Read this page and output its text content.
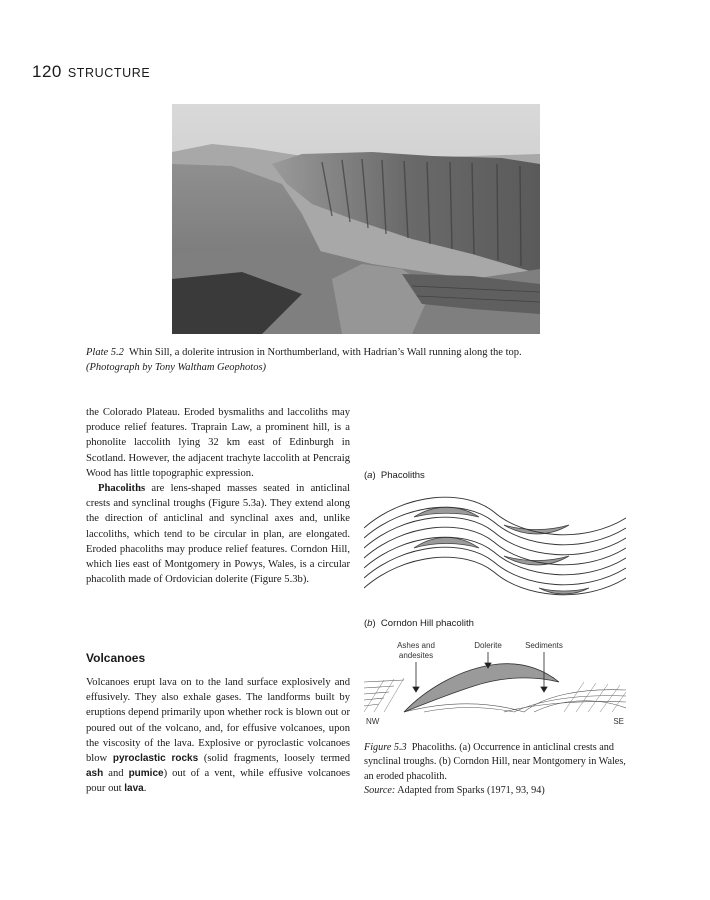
120 STRUCTURE
Plate 5.2 Whin Sill, a dolerite intrusion in Northumberland, with Hadrian’s Wall running along the top.
(Photograph by Tony Waltham Geophotos)

the Colorado Plateau. Eroded bysmaliths and laccoliths may produce relief features. Traprain Law, a prominent hill, is a phonolite laccolith lying 32 km east of Edinburgh in Scotland. However, the adjacent trachyte laccolith at Pencraig Wood has little topographic expression.

Phacoliths are lens-shaped masses seated in anticlinal crests and synclinal troughs (Figure 5.3a). They extend along the direction of anticlinal and synclinal axes and, unlike laccoliths, which tend to be circular in plan, are elongated. Eroded phacoliths may produce relief features. Corndon Hill, which lies east of Montgomery in Powys, Wales, is a circular phacolith made of Ordovician dolerite (Figure 5.3b).

Volcanoes

Volcanoes erupt lava on to the land surface explosively and effusively. They also exhale gases. The landforms built by eruptions depend primarily upon whether rock is blown out or poured out of the volcano, and, for effusive volcanoes, upon the viscosity of the lava. Explosive or pyroclastic volcanoes blow pyroclastic rocks (solid fragments, loosely termed ash and pumice) out of a vent, while effusive volcanoes pour out lava.

(a)  Phacoliths
(b)  Corndon Hill phacolith
Ashes and
andesites
Dolerite	Sediments
NW	SE
Figure 5.3 Phacoliths. (a) Occurrence in anticlinal crests and synclinal troughs. (b) Corndon Hill, near Montgomery in Wales, an eroded phacolith.
Source: Adapted from Sparks (1971, 93, 94)
